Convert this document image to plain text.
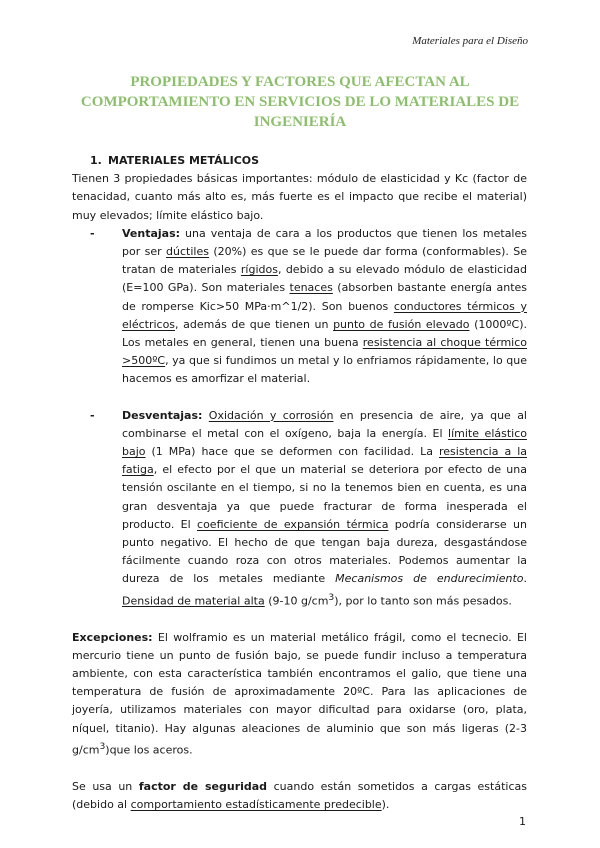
Materiales para el Diseño
PROPIEDADES Y FACTORES QUE AFECTAN AL COMPORTAMIENTO EN SERVICIOS DE LO MATERIALES DE INGENIERÍA

1. MATERIALES METÁLICOS

Tienen 3 propiedades básicas importantes: módulo de elasticidad y Kc (factor de tenacidad, cuanto más alto es, más fuerte es el impacto que recibe el material) muy elevados; límite elástico bajo.

- Ventajas: una ventaja de cara a los productos que tienen los metales por ser dúctiles (20%) es que se le puede dar forma (conformables). Se tratan de materiales rígidos, debido a su elevado módulo de elasticidad (E=100 GPa). Son materiales tenaces (absorben bastante energía antes de romperse Kic>50 MPa·m^1/2). Son buenos conductores térmicos y eléctricos, además de que tienen un punto de fusión elevado (1000ºC). Los metales en general, tienen una buena resistencia al choque térmico >500ºC, ya que si fundimos un metal y lo enfriamos rápidamente, lo que hacemos es amorfizar el material.

- Desventajas: Oxidación y corrosión en presencia de aire, ya que al combinarse el metal con el oxígeno, baja la energía. El límite elástico bajo (1 MPa) hace que se deformen con facilidad. La resistencia a la fatiga, el efecto por el que un material se deteriora por efecto de una tensión oscilante en el tiempo, si no la tenemos bien en cuenta, es una gran desventaja ya que puede fracturar de forma inesperada el producto. El coeficiente de expansión térmica podría considerarse un punto negativo. El hecho de que tengan baja dureza, desgastándose fácilmente cuando roza con otros materiales. Podemos aumentar la dureza de los metales mediante Mecanismos de endurecimiento. Densidad de material alta (9-10 $g/cm^3$), por lo tanto son más pesados.

Excepciones: El wolframio es un material metálico frágil, como el tecnecio. El mercurio tiene un punto de fusión bajo, se puede fundir incluso a temperatura ambiente, con esta característica también encontramos el galio, que tiene una temperatura de fusión de aproximadamente 20ºC. Para las aplicaciones de joyería, utilizamos materiales con mayor dificultad para oxidarse (oro, plata, níquel, titanio). Hay algunas aleaciones de aluminio que son más ligeras (2-3 $g/cm^3)que$ los aceros.

Se usa un factor de seguridad cuando están sometidos a cargas estáticas (debido al comportamiento estadísticamente predecible).

1
